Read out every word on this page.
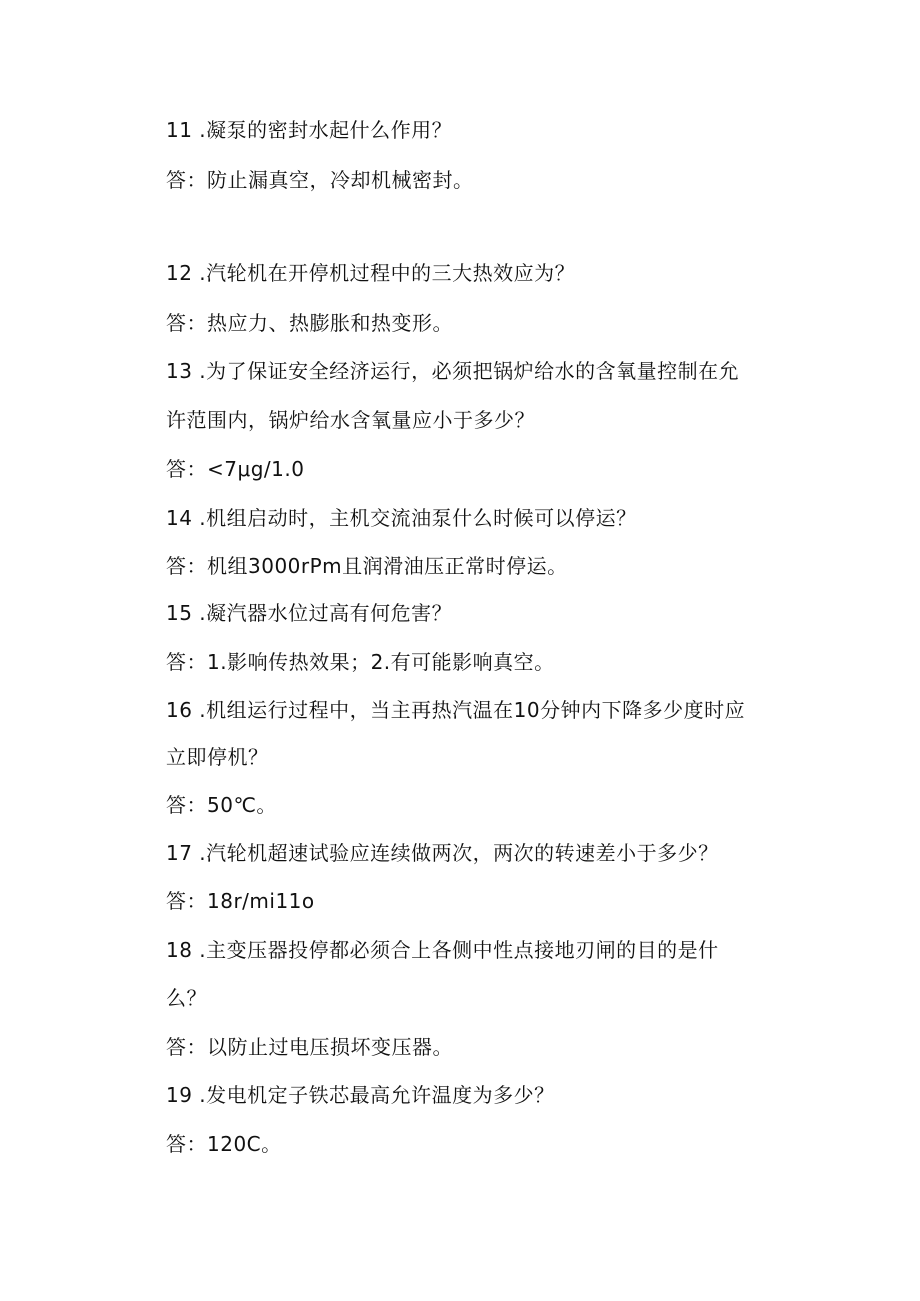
11 .凝泵的密封水起什么作用？
答：防止漏真空，冷却机械密封。
12 .汽轮机在开停机过程中的三大热效应为？
答：热应力、热膨胀和热变形。
13 .为了保证安全经济运行，必须把锅炉给水的含氧量控制在允
许范围内，锅炉给水含氧量应小于多少？
答：<7μg/1.0
14 .机组启动时，主机交流油泵什么时候可以停运？
答：机组3000rPm且润滑油压正常时停运。
15 .凝汽器水位过高有何危害？
答：1.影响传热效果；2.有可能影响真空。
16 .机组运行过程中，当主再热汽温在10分钟内下降多少度时应
立即停机？
答：50℃。
17 .汽轮机超速试验应连续做两次，两次的转速差小于多少？
答：18r/mi11o
18 .主变压器投停都必须合上各侧中性点接地刃闸的目的是什
么？
答：以防止过电压损坏变压器。
19 .发电机定子铁芯最高允许温度为多少？
答：120C。
